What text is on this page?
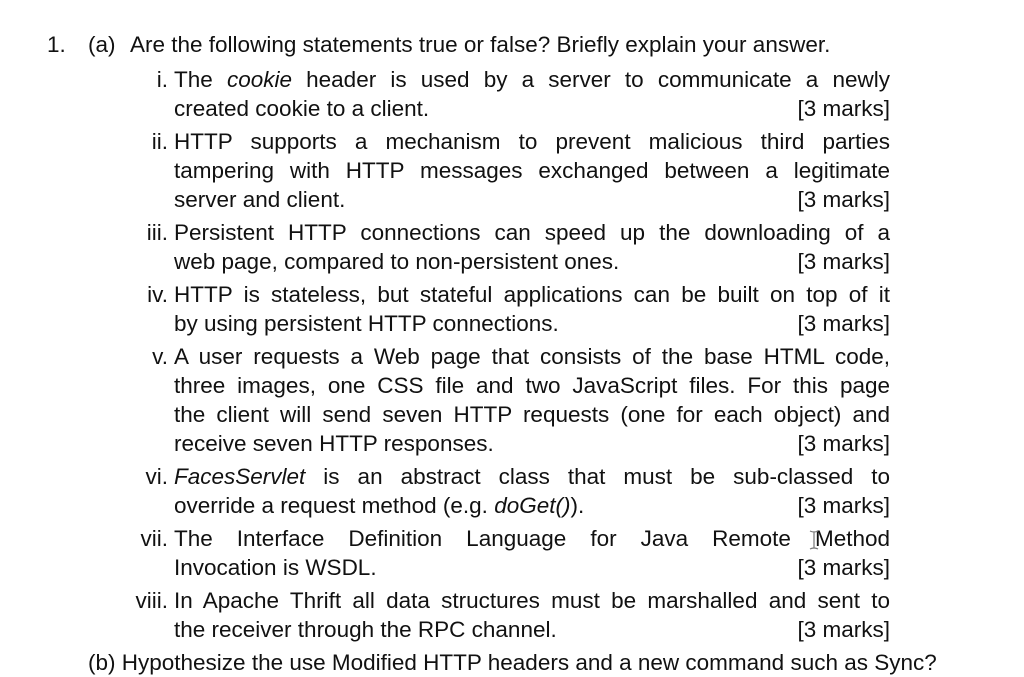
1. (a) Are the following statements true or false? Briefly explain your answer.
i. The cookie header is used by a server to communicate a newly
created cookie to a client.	[3 marks]
ii. HTTP supports a mechanism to prevent malicious third parties
tampering with HTTP messages exchanged between a legitimate
server and client.	[3 marks]
iii. Persistent HTTP connections can speed up the downloading of a
web page, compared to non-persistent ones.	[3 marks]
iv. HTTP is stateless, but stateful applications can be built on top of it
by using persistent HTTP connections.	[3 marks]
v. A user requests a Web page that consists of the base HTML code,
three images, one CSS file and two JavaScript files. For this page
the client will send seven HTTP requests (one for each object) and
receive seven HTTP responses.	[3 marks]
vi. FacesServlet is an abstract class that must be sub-classed to
override a request method (e.g. doGet()).	[3 marks]
vii. The Interface Definition Language for Java Remote Method
Invocation is WSDL.	[3 marks]
viii. In Apache Thrift all data structures must be marshalled and sent to
the receiver through the RPC channel.	[3 marks]
(b) Hypothesize the use Modified HTTP headers and a new command such as Sync?
